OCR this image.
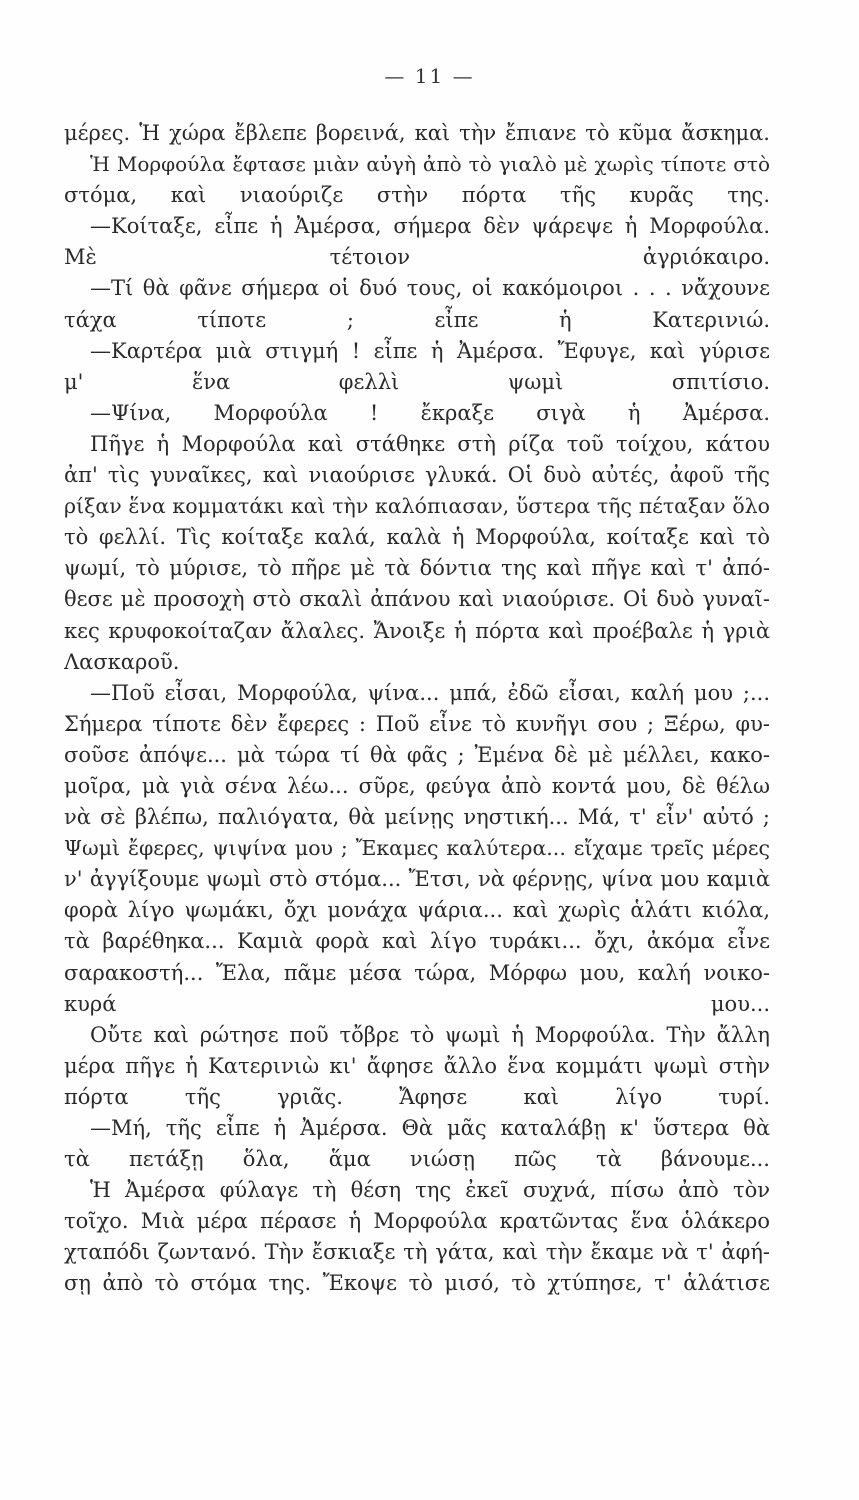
— 11 —
μέρες. Ἡ χώρα ἔβλεπε βορεινά, καὶ τὴν ἔπιανε τὸ κῦμα ἄσκημα.
Ἡ Μορφούλα ἔφτασε μιὰν αὐγὴ ἀπὸ τὸ γιαλὸ μὲ χωρὶς τίποτε στὸ
στόμα, καὶ νιαούριζε στὴν πόρτα τῆς κυρᾶς της.
—Κοίταξε, εἶπε ἡ Ἀμέρσα, σήμερα δὲν ψάρεψε ἡ Μορφούλα.
Μὲ τέτοιον ἀγριόκαιρο.
—Τί θὰ φᾶνε σήμερα οἱ δυό τους, οἱ κακόμοιροι . . . νἄχουνε
τάχα τίποτε ; εἶπε ἡ Κατερινιώ.
—Καρτέρα μιὰ στιγμή ! εἶπε ἡ Ἀμέρσα. Ἔφυγε, καὶ γύρισε
μ' ἕνα φελλὶ ψωμὶ σπιτίσιο.
—Ψίνα, Μορφούλα ! ἔκραξε σιγὰ ἡ Ἀμέρσα.
Πῆγε ἡ Μορφούλα καὶ στάθηκε στὴ ρίζα τοῦ τοίχου, κάτου
ἀπ' τὶς γυναῖκες, καὶ νιαούρισε γλυκά. Οἱ δυὸ αὐτές, ἀφοῦ τῆς
ρίξαν ἕνα κομματάκι καὶ τὴν καλόπιασαν, ὕστερα τῆς πέταξαν ὅλο
τὸ φελλί. Τὶς κοίταξε καλά, καλὰ ἡ Μορφούλα, κοίταξε καὶ τὸ
ψωμί, τὸ μύρισε, τὸ πῆρε μὲ τὰ δόντια της καὶ πῆγε καὶ τ' ἀπό-
θεσε μὲ προσοχὴ στὸ σκαλὶ ἀπάνου καὶ νιαούρισε. Οἱ δυὸ γυναῖ-
κες κρυφοκοίταζαν ἄλαλες. Ἄνοιξε ἡ πόρτα καὶ προέβαλε ἡ γριὰ
Λασκαροῦ.
—Ποῦ εἶσαι, Μορφούλα, ψίνα... μπά, ἐδῶ εἶσαι, καλή μου ;...
Σήμερα τίποτε δὲν ἔφερες : Ποῦ εἶνε τὸ κυνῆγι σου ; Ξέρω, φυ-
σοῦσε ἀπόψε... μὰ τώρα τί θὰ φᾶς ; Ἐμένα δὲ μὲ μέλλει, κακο-
μοῖρα, μὰ γιὰ σένα λέω... σῦρε, φεύγα ἀπὸ κοντά μου, δὲ θέλω
νὰ σὲ βλέπω, παλιόγατα, θὰ μείνῃς νηστική... Μά, τ' εἶν' αὐτό ;
Ψωμὶ ἔφερες, ψιψίνα μου ; Ἔκαμες καλύτερα... εἴχαμε τρεῖς μέρες
ν' ἀγγίξουμε ψωμὶ στὸ στόμα... Ἔτσι, νὰ φέρνῃς, ψίνα μου καμιὰ
φορὰ λίγο ψωμάκι, ὄχι μονάχα ψάρια... καὶ χωρὶς ἁλάτι κιόλα,
τὰ βαρέθηκα... Καμιὰ φορὰ καὶ λίγο τυράκι... ὄχι, ἀκόμα εἶνε
σαρακοστή... Ἔλα, πᾶμε μέσα τώρα, Μόρφω μου, καλή νοικο-
κυρά μου...
Οὔτε καὶ ρώτησε ποῦ τὄβρε τὸ ψωμὶ ἡ Μορφούλα. Τὴν ἄλλη
μέρα πῆγε ἡ Κατερινιὼ κι' ἄφησε ἄλλο ἕνα κομμάτι ψωμὶ στὴν
πόρτα τῆς γριᾶς. Ἄφησε καὶ λίγο τυρί.
—Μή, τῆς εἶπε ἡ Ἀμέρσα. Θὰ μᾶς καταλάβῃ κ' ὕστερα θὰ
τὰ πετάξῃ ὅλα, ἅμα νιώσῃ πῶς τὰ βάνουμε...
Ἡ Ἀμέρσα φύλαγε τὴ θέση της ἐκεῖ συχνά, πίσω ἀπὸ τὸν
τοῖχο. Μιὰ μέρα πέρασε ἡ Μορφούλα κρατῶντας ἕνα ὁλάκερο
χταπόδι ζωντανό. Τὴν ἔσκιαξε τὴ γάτα, καὶ τὴν ἔκαμε νὰ τ' ἀφή-
σῃ ἀπὸ τὸ στόμα της. Ἔκοψε τὸ μισό, τὸ χτύπησε, τ' ἁλάτισε
